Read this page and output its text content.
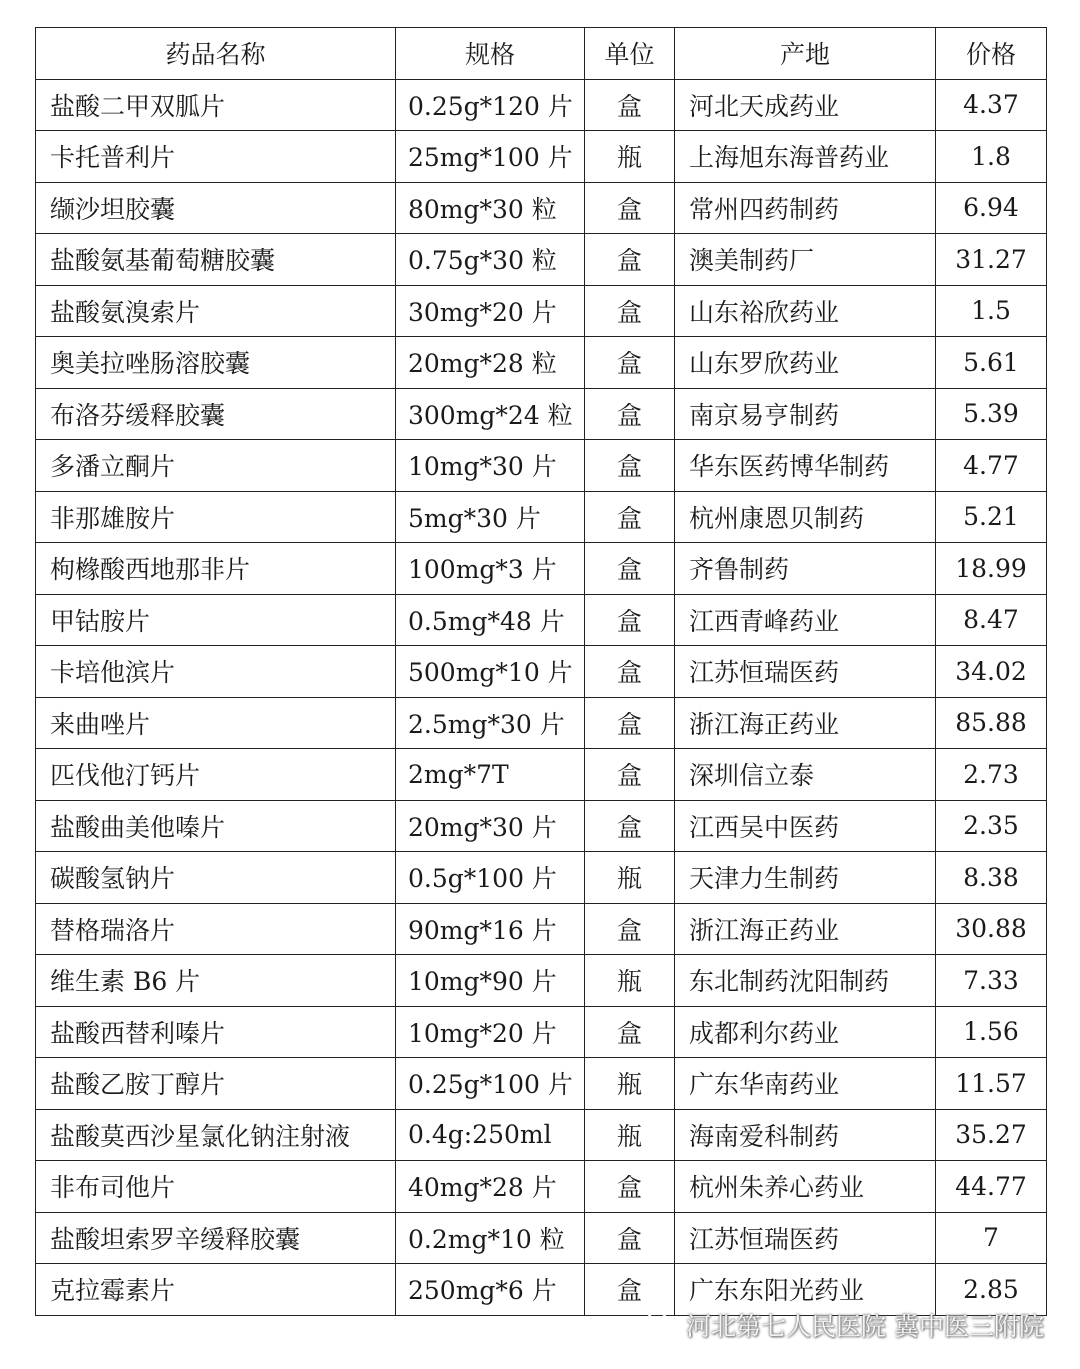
药品名称	规格	单位	产地	价格
盐酸二甲双胍片	0.25g*120 片	盒	河北天成药业	4.37
卡托普利片	25mg*100 片	瓶	上海旭东海普药业	1.8
缬沙坦胶囊	80mg*30 粒	盒	常州四药制药	6.94
盐酸氨基葡萄糖胶囊	0.75g*30 粒	盒	澳美制药厂	31.27
盐酸氨溴索片	30mg*20 片	盒	山东裕欣药业	1.5
奥美拉唑肠溶胶囊	20mg*28 粒	盒	山东罗欣药业	5.61
布洛芬缓释胶囊	300mg*24 粒	盒	南京易亨制药	5.39
多潘立酮片	10mg*30 片	盒	华东医药博华制药	4.77
非那雄胺片	5mg*30 片	盒	杭州康恩贝制药	5.21
枸橼酸西地那非片	100mg*3 片	盒	齐鲁制药	18.99
甲钴胺片	0.5mg*48 片	盒	江西青峰药业	8.47
卡培他滨片	500mg*10 片	盒	江苏恒瑞医药	34.02
来曲唑片	2.5mg*30 片	盒	浙江海正药业	85.88
匹伐他汀钙片	2mg*7T	盒	深圳信立泰	2.73
盐酸曲美他嗪片	20mg*30 片	盒	江西吴中医药	2.35
碳酸氢钠片	0.5g*100 片	瓶	天津力生制药	8.38
替格瑞洛片	90mg*16 片	盒	浙江海正药业	30.88
维生素 B6 片	10mg*90 片	瓶	东北制药沈阳制药	7.33
盐酸西替利嗪片	10mg*20 片	盒	成都利尔药业	1.56
盐酸乙胺丁醇片	0.25g*100 片	瓶	广东华南药业	11.57
盐酸莫西沙星氯化钠注射液	0.4g:250ml	瓶	海南爱科制药	35.27
非布司他片	40mg*28 片	盒	杭州朱养心药业	44.77
盐酸坦索罗辛缓释胶囊	0.2mg*10 粒	盒	江苏恒瑞医药	7
克拉霉素片	250mg*6 片	盒	广东东阳光药业	2.85
河北第七人民医院 冀中医三附院
